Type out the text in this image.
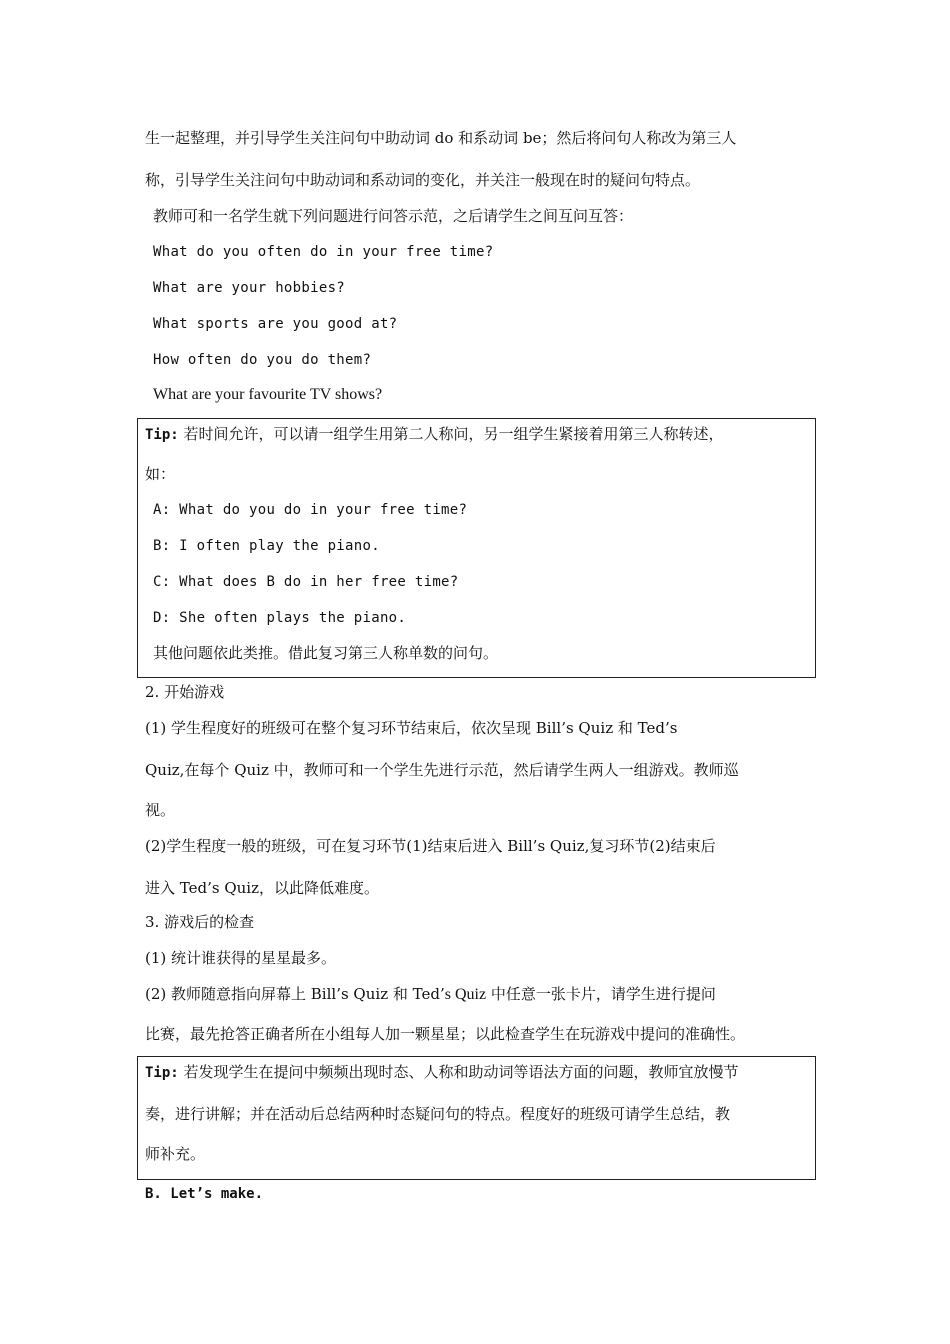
生一起整理，并引导学生关注问句中助动词 do 和系动词 be；然后将问句人称改为第三人
称，引导学生关注问句中助动词和系动词的变化，并关注一般现在时的疑问句特点。
教师可和一名学生就下列问题进行问答示范，之后请学生之间互问互答：
What do you often do in your free time?
What are your hobbies?
What sports are you good at?
How often do you do them?
What are your favourite TV shows?
Tip: 若时间允许，可以请一组学生用第二人称问，另一组学生紧接着用第三人称转述，
如：
A: What do you do in your free time?
B: I often play the piano.
C: What does B do in her free time?
D: She often plays the piano.
其他问题依此类推。借此复习第三人称单数的问句。
2. 开始游戏
(1) 学生程度好的班级可在整个复习环节结束后，依次呈现 Bill’s Quiz 和 Ted’s
Quiz,在每个 Quiz 中，教师可和一个学生先进行示范，然后请学生两人一组游戏。教师巡
视。
(2)学生程度一般的班级，可在复习环节(1)结束后进入 Bill’s Quiz,复习环节(2)结束后
进入 Ted’s Quiz，以此降低难度。
3. 游戏后的检查
(1) 统计谁获得的星星最多。
(2) 教师随意指向屏幕上 Bill’s Quiz 和 Ted’s Quiz 中任意一张卡片，请学生进行提问
比赛，最先抢答正确者所在小组每人加一颗星星；以此检查学生在玩游戏中提问的准确性。
Tip: 若发现学生在提问中频频出现时态、人称和助动词等语法方面的问题，教师宜放慢节
奏，进行讲解；并在活动后总结两种时态疑问句的特点。程度好的班级可请学生总结，教
师补充。
B. Let’s make.
